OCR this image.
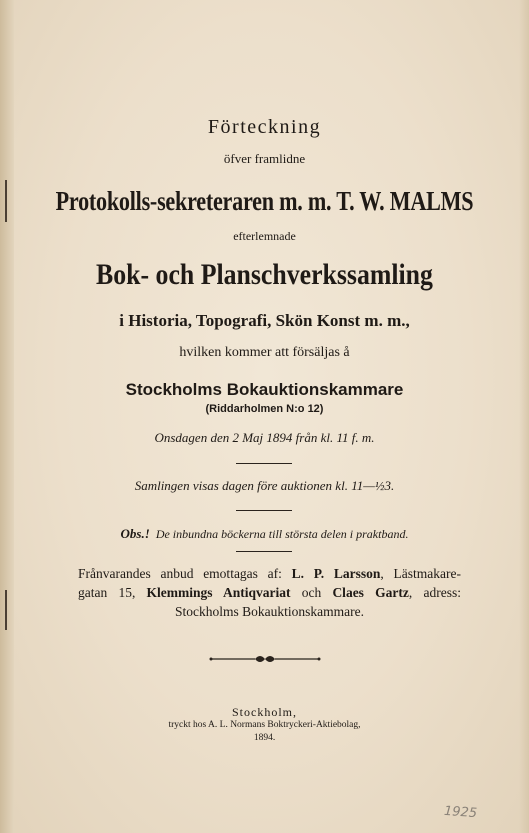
Förteckning
öfver framlidne
Protokolls-sekreteraren m. m. T. W. MALMS
efterlemnade
Bok- och Planschverkssamling
i Historia, Topografi, Skön Konst m. m.,
hvilken kommer att försäljas å
Stockholms Bokauktionskammare
(Riddarholmen N:o 12)
Onsdagen den 2 Maj 1894 från kl. 11 f. m.
Samlingen visas dagen före auktionen kl. 11—½3.
Obs.! De inbundna böckerna till största delen i praktband.
Frånvarandes anbud emottagas af: L. P. Larsson, Lästmakare-
gatan 15, Klemmings Antiqvariat och Claes Gartz, adress:
Stockholms Bokauktionskammare.
Stockholm,
tryckt hos A. L. Normans Boktryckeri-Aktiebolag,
1894.
1925
